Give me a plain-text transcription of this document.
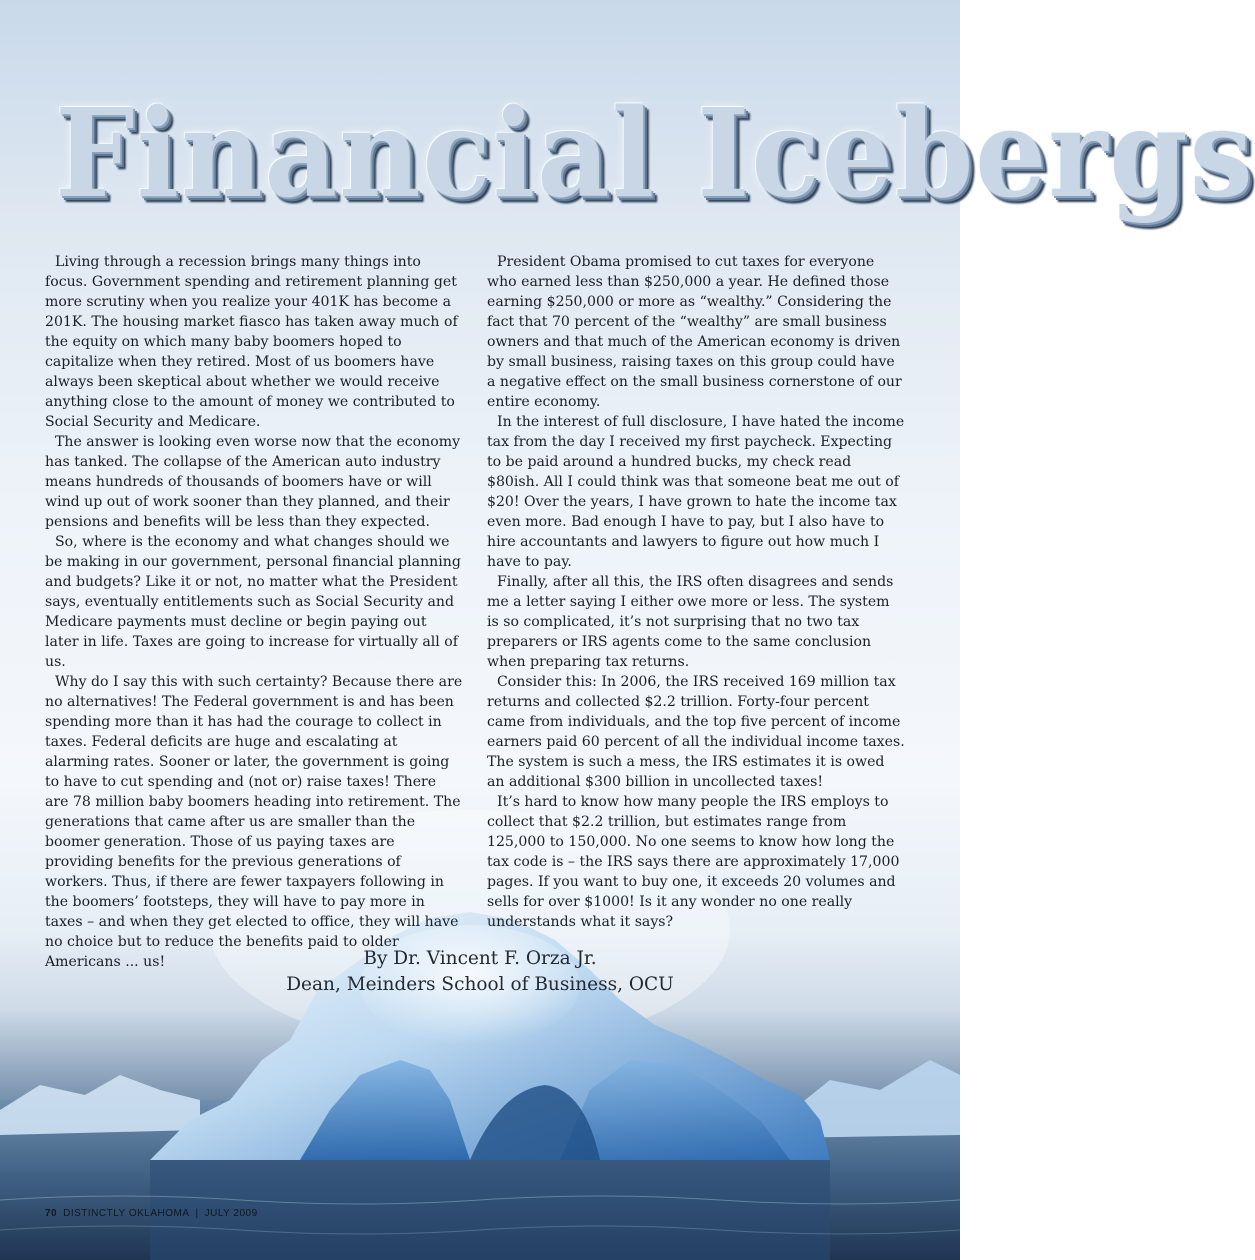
Financial Icebergs

Living through a recession brings many things into focus. Government spending and retirement planning get more scrutiny when you realize your 401K has become a 201K. The housing market fiasco has taken away much of the equity on which many baby boomers hoped to capitalize when they retired. Most of us boomers have always been skeptical about whether we would receive anything close to the amount of money we contributed to Social Security and Medicare.

The answer is looking even worse now that the economy has tanked. The collapse of the American auto industry means hundreds of thousands of boomers have or will wind up out of work sooner than they planned, and their pensions and benefits will be less than they expected.

So, where is the economy and what changes should we be making in our government, personal financial planning and budgets? Like it or not, no matter what the President says, eventually entitlements such as Social Security and Medicare payments must decline or begin paying out later in life. Taxes are going to increase for virtually all of us.

Why do I say this with such certainty? Because there are no alternatives! The Federal government is and has been spending more than it has had the courage to collect in taxes. Federal deficits are huge and escalating at alarming rates. Sooner or later, the government is going to have to cut spending and (not or) raise taxes! There are 78 million baby boomers heading into retirement. The generations that came after us are smaller than the boomer generation. Those of us paying taxes are providing benefits for the previous generations of workers. Thus, if there are fewer taxpayers following in the boomers’ footsteps, they will have to pay more in taxes – and when they get elected to office, they will have no choice but to reduce the benefits paid to older Americans ... us!

President Obama promised to cut taxes for everyone who earned less than $250,000 a year. He defined those earning $250,000 or more as “wealthy.” Considering the fact that 70 percent of the “wealthy” are small business owners and that much of the American economy is driven by small business, raising taxes on this group could have a negative effect on the small business cornerstone of our entire economy.

In the interest of full disclosure, I have hated the income tax from the day I received my first paycheck. Expecting to be paid around a hundred bucks, my check read $80ish. All I could think was that someone beat me out of $20! Over the years, I have grown to hate the income tax even more. Bad enough I have to pay, but I also have to hire accountants and lawyers to figure out how much I have to pay.

Finally, after all this, the IRS often disagrees and sends me a letter saying I either owe more or less. The system is so complicated, it’s not surprising that no two tax preparers or IRS agents come to the same conclusion when preparing tax returns.

Consider this: In 2006, the IRS received 169 million tax returns and collected $2.2 trillion. Forty-four percent came from individuals, and the top five percent of income earners paid 60 percent of all the individual income taxes. The system is such a mess, the IRS estimates it is owed an additional $300 billion in uncollected taxes!

It’s hard to know how many people the IRS employs to collect that $2.2 trillion, but estimates range from 125,000 to 150,000. No one seems to know how long the tax code is – the IRS says there are approximately 17,000 pages. If you want to buy one, it exceeds 20 volumes and sells for over $1000! Is it any wonder no one really understands what it says?

By Dr. Vincent F. Orza Jr.
Dean, Meinders School of Business, OCU
70 DISTINCTLY OKLAHOMA | JULY 2009
